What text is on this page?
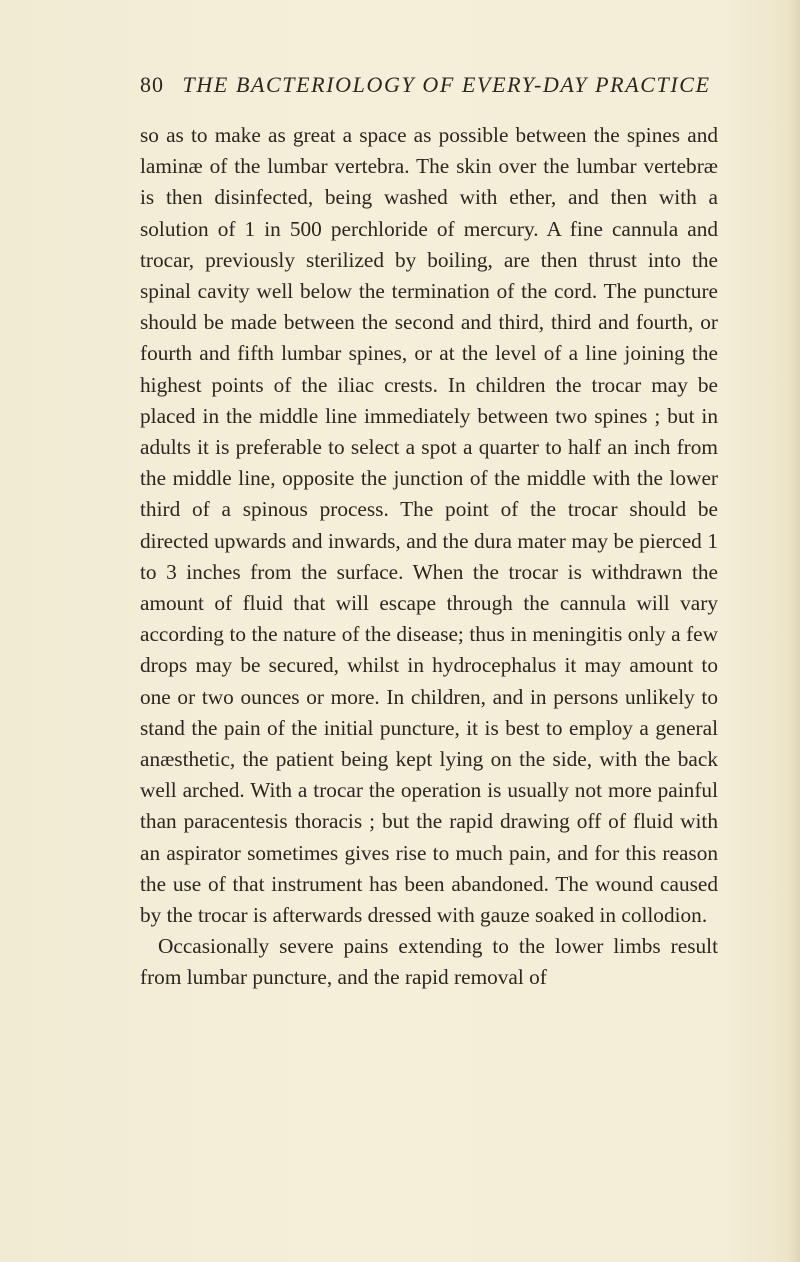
80 THE BACTERIOLOGY OF EVERY-DAY PRACTICE

so as to make as great a space as possible between the spines and laminæ of the lumbar vertebra. The skin over the lumbar vertebræ is then disinfected, being washed with ether, and then with a solution of 1 in 500 perchloride of mercury. A fine cannula and trocar, previously sterilized by boiling, are then thrust into the spinal cavity well below the termination of the cord. The puncture should be made between the second and third, third and fourth, or fourth and fifth lumbar spines, or at the level of a line joining the highest points of the iliac crests. In children the trocar may be placed in the middle line immediately between two spines ; but in adults it is preferable to select a spot a quarter to half an inch from the middle line, opposite the junction of the middle with the lower third of a spinous process. The point of the trocar should be directed upwards and inwards, and the dura mater may be pierced 1 to 3 inches from the surface. When the trocar is withdrawn the amount of fluid that will escape through the cannula will vary according to the nature of the disease; thus in meningitis only a few drops may be secured, whilst in hydrocephalus it may amount to one or two ounces or more. In children, and in persons unlikely to stand the pain of the initial puncture, it is best to employ a general anæsthetic, the patient being kept lying on the side, with the back well arched. With a trocar the operation is usually not more painful than paracentesis thoracis ; but the rapid drawing off of fluid with an aspirator sometimes gives rise to much pain, and for this reason the use of that instrument has been abandoned. The wound caused by the trocar is afterwards dressed with gauze soaked in collodion.

Occasionally severe pains extending to the lower limbs result from lumbar puncture, and the rapid removal of
